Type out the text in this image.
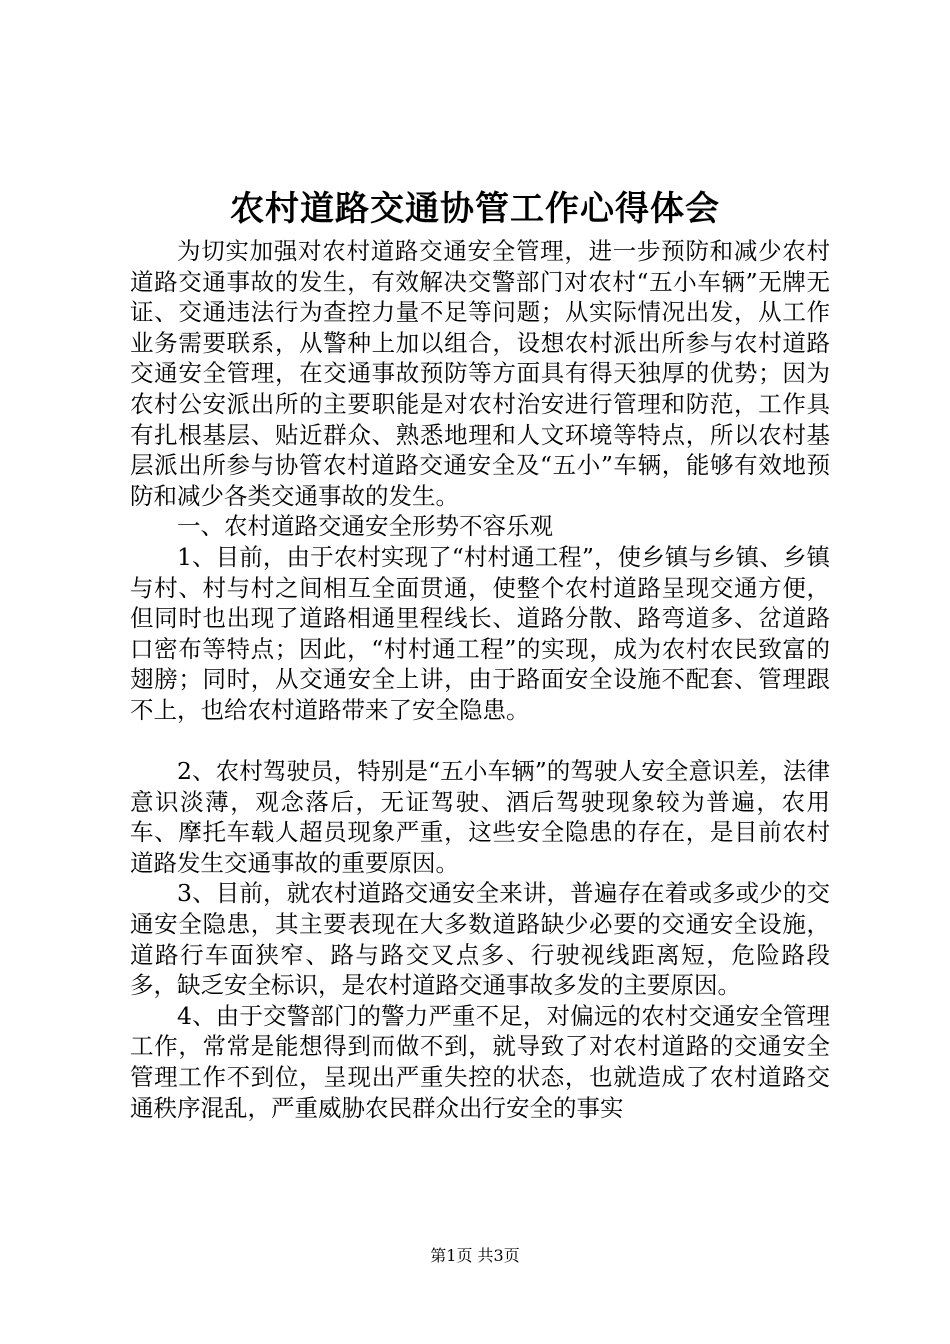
农村道路交通协管工作心得体会

为切实加强对农村道路交通安全管理，进一步预防和减少农村道路交通事故的发生，有效解决交警部门对农村“五小车辆”无牌无证、交通违法行为查控力量不足等问题；从实际情况出发，从工作业务需要联系，从警种上加以组合，设想农村派出所参与农村道路交通安全管理，在交通事故预防等方面具有得天独厚的优势；因为农村公安派出所的主要职能是对农村治安进行管理和防范，工作具有扎根基层、贴近群众、熟悉地理和人文环境等特点，所以农村基层派出所参与协管农村道路交通安全及“五小”车辆，能够有效地预防和减少各类交通事故的发生。

一、农村道路交通安全形势不容乐观

1、目前，由于农村实现了“村村通工程”，使乡镇与乡镇、乡镇与村、村与村之间相互全面贯通，使整个农村道路呈现交通方便，但同时也出现了道路相通里程线长、道路分散、路弯道多、岔道路口密布等特点；因此，“村村通工程”的实现，成为农村农民致富的翅膀；同时，从交通安全上讲，由于路面安全设施不配套、管理跟不上，也给农村道路带来了安全隐患。

2、农村驾驶员，特别是“五小车辆”的驾驶人安全意识差，法律意识淡薄，观念落后，无证驾驶、酒后驾驶现象较为普遍，农用车、摩托车载人超员现象严重，这些安全隐患的存在，是目前农村道路发生交通事故的重要原因。

3、目前，就农村道路交通安全来讲，普遍存在着或多或少的交通安全隐患，其主要表现在大多数道路缺少必要的交通安全设施，道路行车面狭窄、路与路交叉点多、行驶视线距离短，危险路段多，缺乏安全标识，是农村道路交通事故多发的主要原因。

4、由于交警部门的警力严重不足，对偏远的农村交通安全管理工作，常常是能想得到而做不到，就导致了对农村道路的交通安全管理工作不到位，呈现出严重失控的状态，也就造成了农村道路交通秩序混乱，严重威胁农民群众出行安全的事实

第1页 共3页
